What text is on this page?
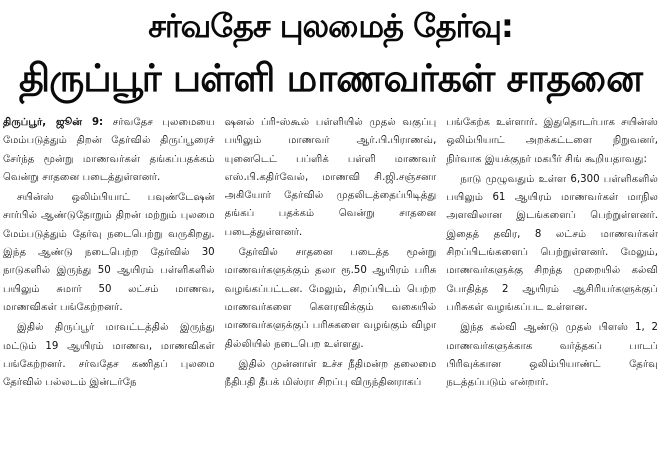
சர்வதேச புலமைத் தேர்வு:
திருப்பூர் பள்ளி மாணவர்கள் சாதனை

திருப்பூர், ஜூன் 9: சர்வதேச புலமையை மேம்படுத்தும் திறன் தேர்வில் திருப்பூரைச் சேர்ந்த மூன்று மாணவர்கள் தங்கப்பதக்கம் வென்று சாதனை படைத்துள்ளனர்.

சயின்ஸ் ஒலிம்பியாட் பவுண்டேஷன் சார்பில் ஆண்டுதோறும் திறன் மற்றும் புலமை மேம்படுத்தும் தேர்வு நடைபெற்று வருகிறது. இந்த ஆண்டு நடைபெற்ற தேர்வில் 30 நாடுகளில் இருந்து 50 ஆயிரம் பள்ளிகளில் பயிலும் சுமார் 50 லட்சம் மாணவ, மாணவிகள் பங்கேற்றனர்.

இதில் திருப்பூர் மாவட்டத்தில் இருந்து மட்டும் 19 ஆயிரம் மாணவ, மாணவிகள் பங்கேற்றனர். சர்வதேச கணிதப் புலமை தேர்வில் பல்லடம் இன்டர்நே

ஷனல் ப்ரி-ஸ்கூல் பள்ளியில் முதல் வகுப்பு பயிலும் மாணவர் ஆர்.பி.பிராணவ், யுனைடெட் பப்ளிக் பள்ளி மாணவர் எஸ்.பி.கதிர்வேல், மாணவி சி.ஜி.சஞ்சனா அகியோர் தேர்வில் முதலிடத்தைப்பிடித்து தங்கப் பதக்கம் வென்று சாதனை படைத்துள்ளனர்.

தேர்வில் சாதனை படைத்த மூன்று மாணவர்களுக்கும் தலா ரூ.50 ஆயிரம் பரிசு வழங்கப்பட்டன. மேலும், சிறப்பிடம் பெற்ற மாணவர்களை கௌரவிக்கும் வகையில் மாணவர்களுக்குப் பரிசுகளை வழங்கும் விழா தில்லியில் நடைபெற உள்ளது.

இதில் முன்னாள் உச்ச நீதிமன்ற தலைமை நீதிபதி தீபக் மிஸ்ரா சிறப்பு விருந்தினராகப்

பங்கேற்க உள்ளார். இதுதொடர்பாக சயின்ஸ் ஒலிம்பியாட் அறக்கட்டளை நிறுவனர், நிர்வாக இயக்குநர் மகபீர் சிங் கூறியதாவது:

நாடு முழுவதும் உள்ள 6,300 பள்ளிகளில் பயிலும் 61 ஆயிரம் மாணவர்கள் மாநில அளவிலான இடங்களைப் பெற்றுள்ளனர். இதைத் தவிர, 8 லட்சம் மாணவர்கள் சிறப்பிடங்களைப் பெற்றுள்ளனர். மேலும், மாணவர்களுக்கு சிறந்த முறையில் கல்வி போதித்த 2 ஆயிரம் ஆசிரியர்களுக்குப் பரிசுகள் வழங்கப்பட உள்ளன.

இந்த கல்வி ஆண்டு முதல் பிளஸ் 1, 2 மாணவர்களுக்காக வர்த்தகப் பாடப் பிரிவுக்கான ஒலிம்பியாண்ட் தேர்வு நடத்தப்படும் என்றார்.
